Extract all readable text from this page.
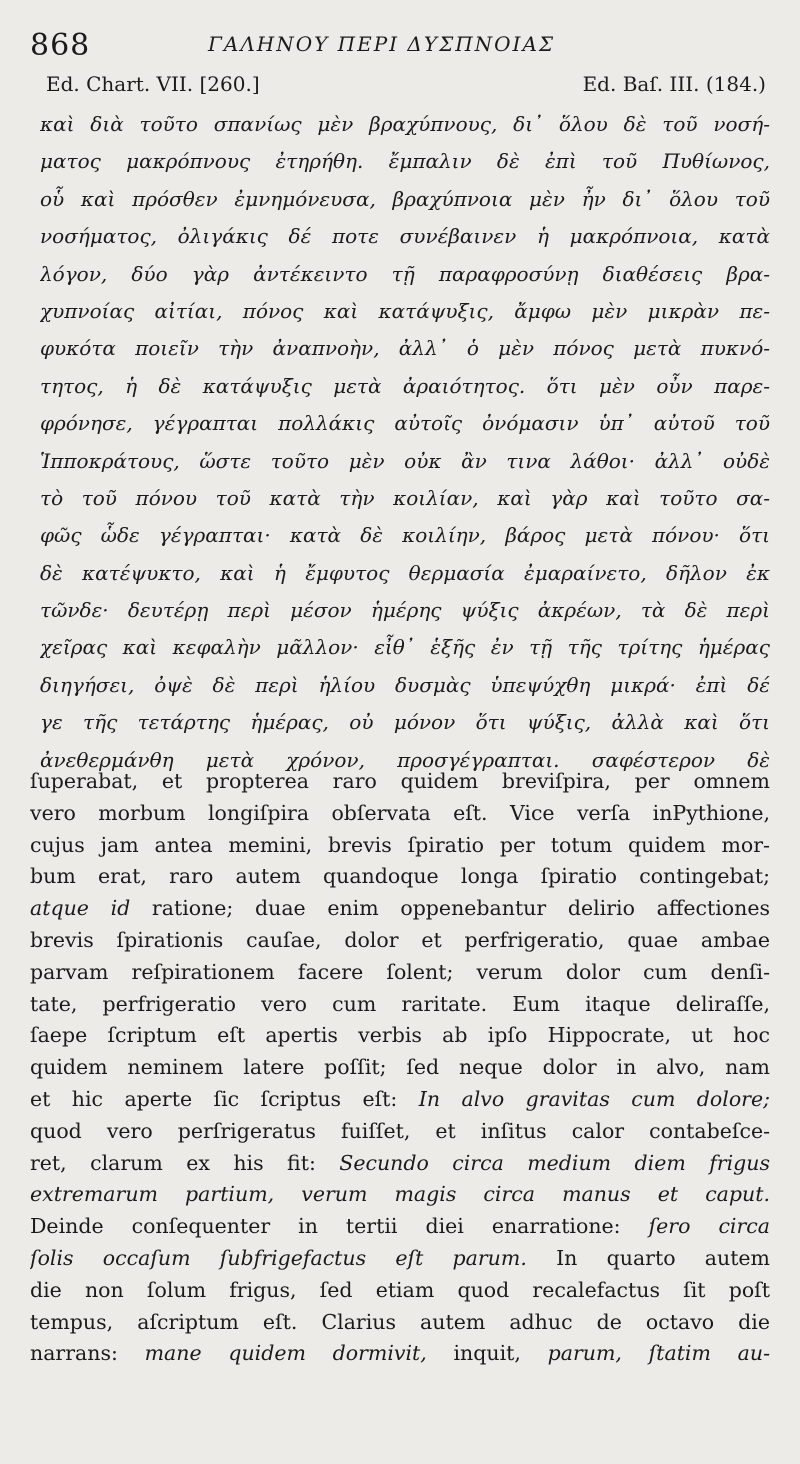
868	ΓΑΛΗΝΟΥ ΠΕΡΙ ΔΥΣΠΝΟΙΑΣ
Ed. Chart. VII. [260.]	Ed. Baſ. III. (184.)
καὶ διὰ τοῦτο σπανίως μὲν βραχύπνους, δι᾽ ὅλου δὲ τοῦ νοσή-
ματος μακρόπνους ἐτηρήθη. ἔμπαλιν δὲ ἐπὶ τοῦ Πυθίωνος,
οὗ καὶ πρόσθεν ἐμνημόνευσα, βραχύπνοια μὲν ἦν δι᾽ ὅλου τοῦ
νοσήματος, ὀλιγάκις δέ ποτε συνέβαινεν ἡ μακρόπνοια, κατὰ
λόγον, δύο γὰρ ἀντέκειντο τῇ παραφροσύνῃ διαθέσεις βρα-
χυπνοίας αἰτίαι, πόνος καὶ κατάψυξις, ἄμφω μὲν μικρὰν πε-
φυκότα ποιεῖν τὴν ἀναπνοὴν, ἀλλ᾽ ὁ μὲν πόνος μετὰ πυκνό-
τητος, ἡ δὲ κατάψυξις μετὰ ἀραιότητος. ὅτι μὲν οὖν παρε-
φρόνησε, γέγραπται πολλάκις αὐτοῖς ὀνόμασιν ὑπ᾽ αὐτοῦ τοῦ
Ἱπποκράτους, ὥστε τοῦτο μὲν οὐκ ἂν τινα λάθοι· ἀλλ᾽ οὐδὲ
τὸ τοῦ πόνου τοῦ κατὰ τὴν κοιλίαν, καὶ γὰρ καὶ τοῦτο σα-
φῶς ὧδε γέγραπται· κατὰ δὲ κοιλίην, βάρος μετὰ πόνου· ὅτι
δὲ κατέψυκτο, καὶ ἡ ἔμφυτος θερμασία ἐμαραίνετο, δῆλον ἐκ
τῶνδε· δευτέρῃ περὶ μέσον ἡμέρης ψύξις ἀκρέων, τὰ δὲ περὶ
χεῖρας καὶ κεφαλὴν μᾶλλον· εἶθ᾽ ἑξῆς ἐν τῇ τῆς τρίτης ἡμέρας
διηγήσει, ὀψὲ δὲ περὶ ἡλίου δυσμὰς ὑπεψύχθη μικρά· ἐπὶ δέ
γε τῆς τετάρτης ἡμέρας, οὐ μόνον ὅτι ψύξις, ἀλλὰ καὶ ὅτι
ἀνεθερμάνθη μετὰ χρόνον, προσγέγραπται. σαφέστερον δὲ
ſuperabat, et propterea raro quidem breviſpira, per omnem
vero morbum longiſpira obſervata eſt. Vice verſa inPythione,
cujus jam antea memini, brevis ſpiratio per totum quidem mor-
bum erat, raro autem quandoque longa ſpiratio contingebat;
atque id ratione; duae enim oppenebantur delirio affectiones
brevis ſpirationis cauſae, dolor et perfrigeratio, quae ambae
parvam reſpirationem facere ſolent; verum dolor cum denſi-
tate, perfrigeratio vero cum raritate. Eum itaque deliraſſe,
ſaepe ſcriptum eſt apertis verbis ab ipſo Hippocrate, ut hoc
quidem neminem latere poſſit; ſed neque dolor in alvo, nam
et hic aperte ſic ſcriptus eſt: In alvo gravitas cum dolore;
quod vero perſrigeratus fuiſſet, et inſitus calor contabeſce-
ret, clarum ex his fit: Secundo circa medium diem frigus
extremarum partium, verum magis circa manus et caput.
Deinde conſequenter in tertii diei enarratione: ſero circa
ſolis occaſum ſubfrigefactus eſt parum. In quarto autem
die non ſolum frigus, ſed etiam quod recalefactus ſit poſt
tempus, aſcriptum eſt. Clarius autem adhuc de octavo die
narrans: mane quidem dormivit, inquit, parum, ſtatim au-
